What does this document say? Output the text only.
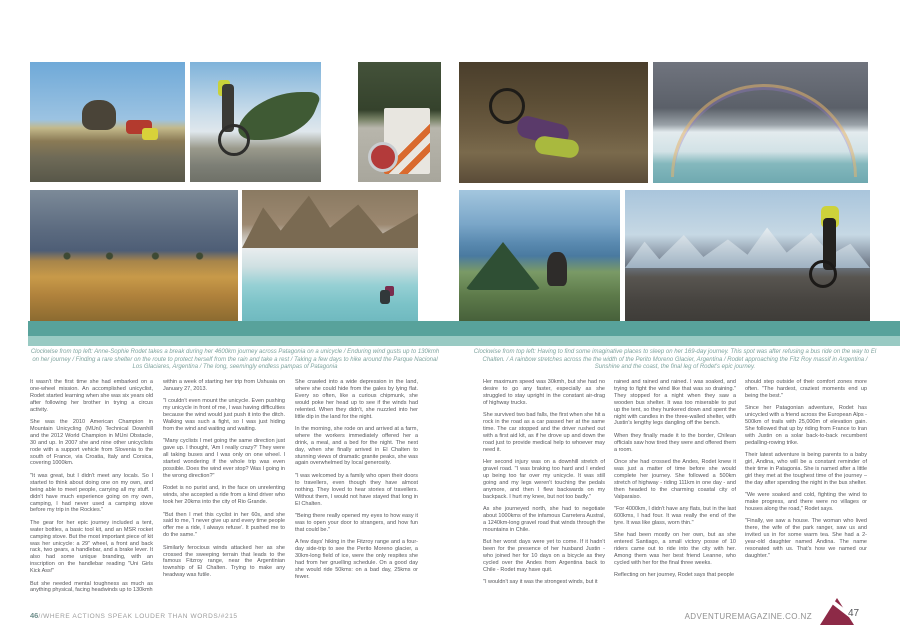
Clockwise from top left: Anne-Sophie Rodet takes a break during her 4600km journey across Patagonia on a unicycle / Enduring wind gusts up to 130kmh on her journey / Finding a rare shelter on the route to protect herself from the rain and take a rest / Taking a few days to hike around the Parque Nacional Los Glaciares, Argentina / The long, seemingly endless pampas of Patagonia
Clockwise from top left: Having to find some imaginative places to sleep on her 169-day journey. This spot was after refusing a bus ride on the way to El Chalten. / A rainbow stretches across the the width of the Perito Moreno Glacier, Argentina / Rodet approaching the Fitz Roy massif in Argentina / Sunshine and the coast, the final leg of Rodet's epic journey.

It wasn't the first time she had embarked on a one-wheel mission. An accomplished unicyclist, Rodet started learning when she was six years old after following her brother in trying a circus activity.

She was the 2010 American Champion in Mountain Unicycling (MUni) Technical Downhill and the 2012 World Champion in MUni Obstacle, 30 and up. In 2007 she and nine other unicyclists rode with a support vehicle from Slovenia to the south of France, via Croatia, Italy and Corsica, covering 1000km.

"It was great, but I didn't meet any locals. So I started to think about doing one on my own, and being able to meet people, carrying all my stuff. I didn't have much experience going on my own, camping, I had never used a camping stove before my trip in the Rockies."

The gear for her epic journey included a tent, water bottles, a basic tool kit, and an MSR rocket camping stove. But the most important piece of kit was her unicycle: a 29" wheel, a front and back rack, two gears, a handlebar, and a brake lever. It also had some unique branding, with an inscription on the handlebar reading "Uni Girls Kick Ass!"

But she needed mental toughness as much as anything physical, facing headwinds up to 130kmh

within a week of starting her trip from Ushuaia on January 27, 2013.

"I couldn't even mount the unicycle. Even pushing my unicycle in front of me, I was having difficulties because the wind would just push it into the ditch. Walking was such a fight, so I was just hiding from the wind and waiting and waiting.

"Many cyclists I met going the same direction just gave up. I thought, 'Am I really crazy?' They were all taking buses and I was only on one wheel. I started wondering if the whole trip was even possible. Does the wind ever stop? Was I going in the wrong direction?"

Rodet is no purist and, in the face on unrelenting winds, she accepted a ride from a kind driver who took her 20kms into the city of Rio Grande.

"But then I met this cyclist in her 60s, and she said to me, 'I never give up and every time people offer me a ride, I always refuse'. It pushed me to do the same."

Similarly ferocious winds attacked her as she crossed the sweeping terrain that leads to the famous Fitzroy range, near the Argentinian township of El Chalten. Trying to make any headway was futile.

She crawled into a wide depression in the land, where she could hide from the gales by lying flat. Every so often, like a curious chipmunk, she would poke her head up to see if the winds had relented. When they didn't, she nuzzled into her little dip in the land for the night.

In the morning, she rode on and arrived at a farm, where the workers immediately offered her a drink, a meal, and a bed for the night. The next day, when she finally arrived in El Chalten to stunning views of dramatic granite peaks, she was again overwhelmed by local generosity.

"I was welcomed by a family who open their doors to travellers, even though they have almost nothing. They loved to hear stories of travellers. Without them, I would not have stayed that long in El Chalten.

"Being there really opened my eyes to how easy it was to open your door to strangers, and how fun that could be."

A few days' hiking in the Fitzroy range and a four-day side-trip to see the Perito Moreno glacier, a 30km-long field of ice, were the only respites she had from her gruelling schedule. On a good day she would ride 50kms: on a bad day, 25kms or fewer.

Her maximum speed was 30kmh, but she had no desire to go any faster, especially as she struggled to stay upright in the constant air-drag of highway trucks.

She survived two bad falls, the first when she hit a rock in the road as a car passed her at the same time. The car stopped and the driver rushed out with a first aid kit, as if he drove up and down the road just to provide medical help to whoever may need it.

Her second injury was on a downhill stretch of gravel road. "I was braking too hard and I ended up being too far over my unicycle. It was still going and my legs weren't touching the pedals anymore, and then I flew backwards on my backpack. I hurt my knee, but not too badly."

As she journeyed north, she had to negotiate about 1000kms of the infamous Carretera Austral, a 1240km-long gravel road that winds through the mountains in Chile.

But her worst days were yet to come. If it hadn't been for the presence of her husband Justin - who joined her for 10 days on a bicycle as they cycled over the Andes from Argentina back to Chile - Rodet may have quit.

"I wouldn't say it was the strongest winds, but it

rained and rained and rained. I was soaked, and trying to fight the wind like that was so draining." They stopped for a night when they saw a wooden bus shelter. It was too miserable to put up the tent, so they hunkered down and spent the night with candles in the three-walled shelter, with Justin's lengthy legs dangling off the bench.

When they finally made it to the border, Chilean officials saw how tired they were and offered them a room.

Once she had crossed the Andes, Rodet knew it was just a matter of time before she would complete her journey. She followed a 500km stretch of highway - riding 111km in one day - and then headed to the charming coastal city of Valparaiso.

"For 4000km, I didn't have any flats, but in the last 600kms, I had four. It was really the end of the tyre. It was like glass, worn thin."

She had been mostly on her own, but as she entered Santiago, a small victory posse of 10 riders came out to ride into the city with her. Among them was her best friend Leanne, who cycled with her for the final three weeks.

Reflecting on her journey, Rodet says that people

should step outside of their comfort zones more often. "The hardest, craziest moments end up being the best."

Since her Patagonian adventure, Rodet has unicycled with a friend across the European Alps - 500km of trails with 25,000m of elevation gain. She followed that up by riding from France to Iran with Justin on a solar back-to-back recumbent pedalling-rowing trike.

Their latest adventure is being parents to a baby girl, Andina, who will be a constant reminder of their time in Patagonia. She is named after a little girl they met at the toughest time of the journey – the day after spending the night in the bus shelter.

"We were soaked and cold, fighting the wind to make progress, and there were no villages or houses along the road," Rodet says.

"Finally, we saw a house. The woman who lived there, the wife of the park ranger, saw us and invited us in for some warm tea. She had a 2-year-old daughter named Andina. The name resonated with us. That's how we named our daughter."

46//WHERE ACTIONS SPEAK LOUDER THAN WORDS/#215	ADVENTUREMAGAZINE.CO.NZ	47
